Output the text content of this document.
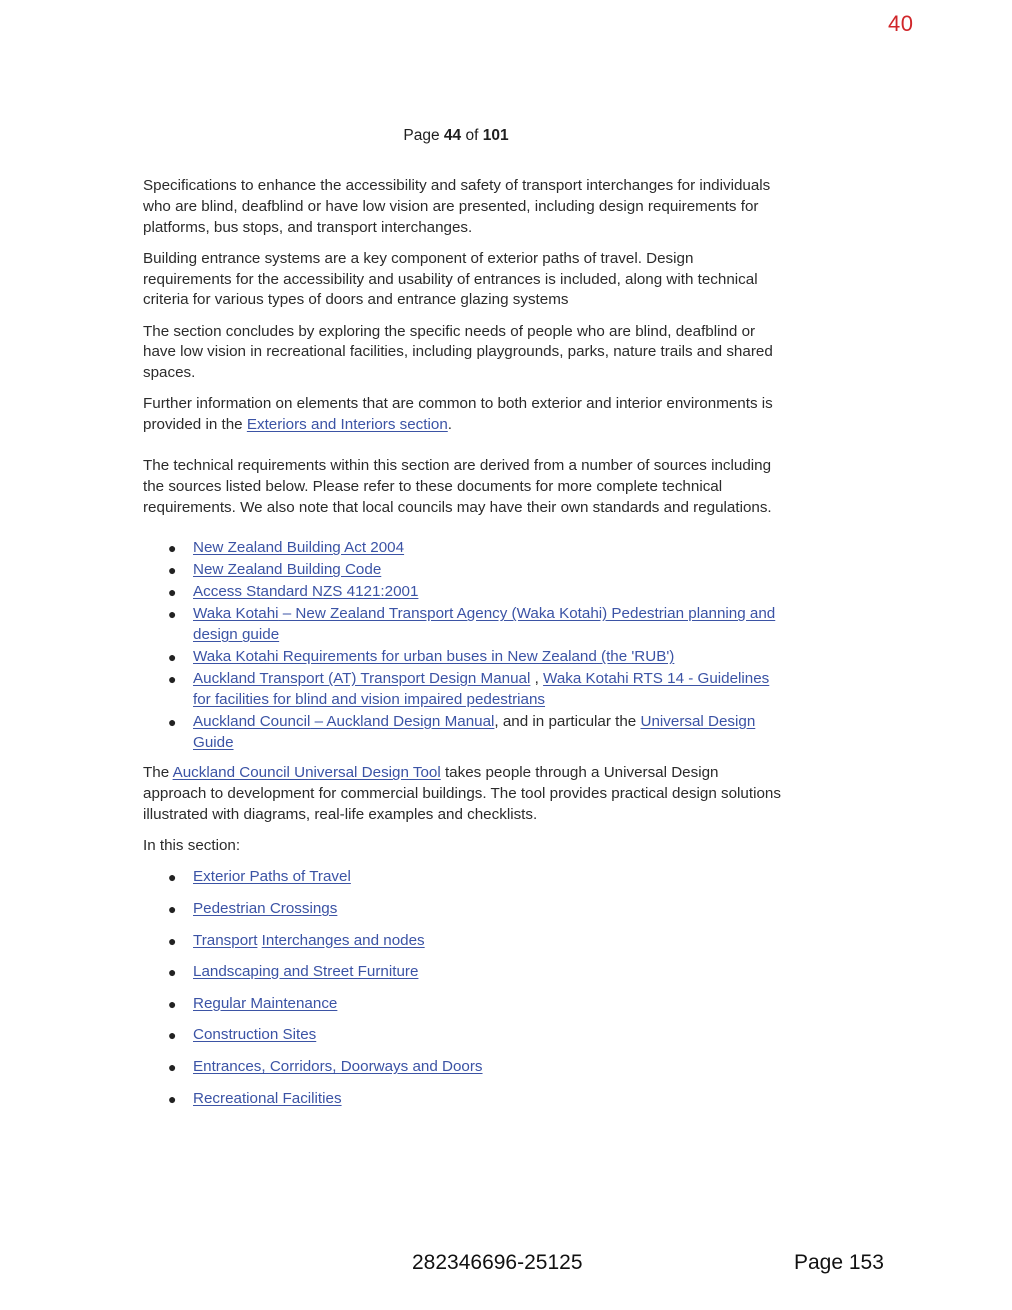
40
Page 44 of 101

Specifications to enhance the accessibility and safety of transport interchanges for individuals who are blind, deafblind or have low vision are presented, including design requirements for platforms, bus stops, and transport interchanges.

Building entrance systems are a key component of exterior paths of travel. Design requirements for the accessibility and usability of entrances is included, along with technical criteria for various types of doors and entrance glazing systems

The section concludes by exploring the specific needs of people who are blind, deafblind or have low vision in recreational facilities, including playgrounds, parks, nature trails and shared spaces.

Further information on elements that are common to both exterior and interior environments is provided in the Exteriors and Interiors section.

The technical requirements within this section are derived from a number of sources including the sources listed below. Please refer to these documents for more complete technical requirements. We also note that local councils may have their own standards and regulations.

● New Zealand Building Act 2004
● New Zealand Building Code
● Access Standard NZS 4121:2001
● Waka Kotahi – New Zealand Transport Agency (Waka Kotahi) Pedestrian planning and design guide
● Waka Kotahi Requirements for urban buses in New Zealand (the 'RUB')
● Auckland Transport (AT) Transport Design Manual , Waka Kotahi RTS 14 - Guidelines for facilities for blind and vision impaired pedestrians
● Auckland Council – Auckland Design Manual, and in particular the Universal Design Guide

The Auckland Council Universal Design Tool takes people through a Universal Design approach to development for commercial buildings. The tool provides practical design solutions illustrated with diagrams, real-life examples and checklists.

In this section:

● Exterior Paths of Travel
● Pedestrian Crossings
● Transport Interchanges and nodes
● Landscaping and Street Furniture
● Regular Maintenance
● Construction Sites
● Entrances, Corridors, Doorways and Doors
● Recreational Facilities
282346696-25125	Page 153
